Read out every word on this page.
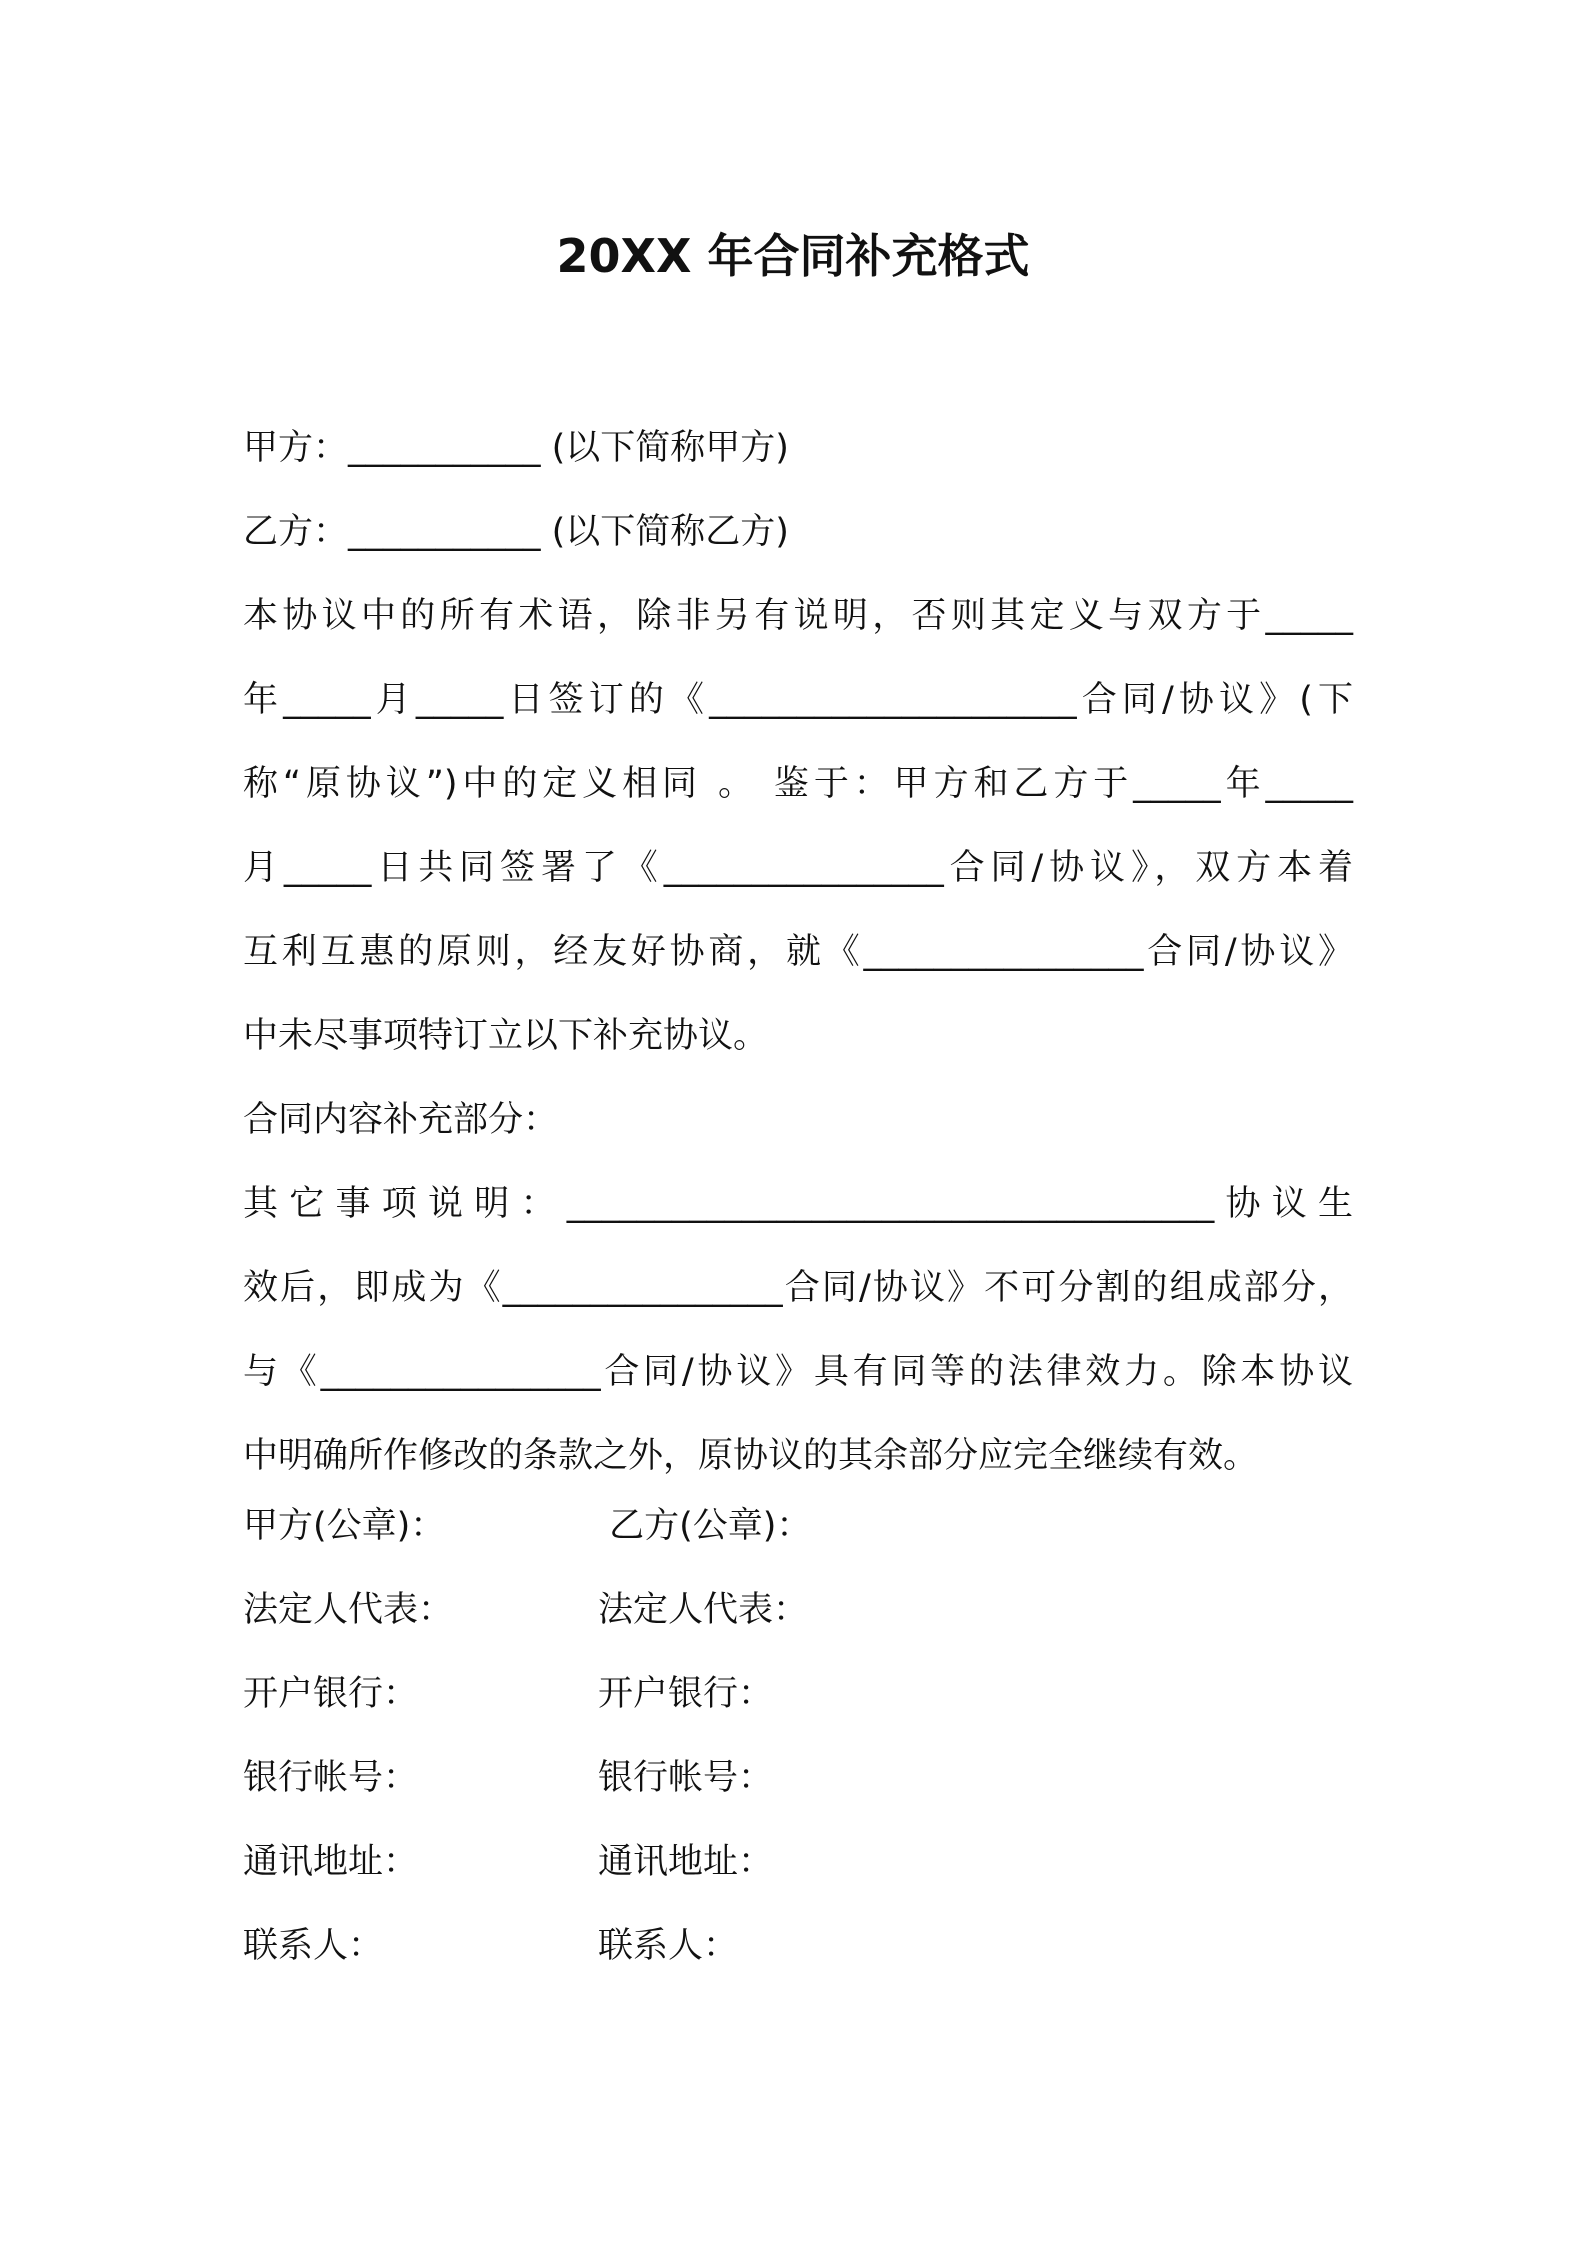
20XX 年合同补充格式

甲方：___________ (以下简称甲方)

乙方：___________ (以下简称乙方)

本协议中的所有术语，除非另有说明，否则其定义与双方于_____

年_____月_____日签订的《_____________________合同/协议》(下

称“原协议”)中的定义相同 。 鉴于：甲方和乙方于_____年_____

月_____日共同签署了《________________合同/协议》，双方本着

互利互惠的原则，经友好协商，就《________________合同/协议》

中未尽事项特订立以下补充协议。

合同内容补充部分：

其它事项说明：_____________________________________协议生

效后，即成为《________________合同/协议》不可分割的组成部分，

与《________________合同/协议》具有同等的法律效力。除本协议

中明确所作修改的条款之外，原协议的其余部分应完全继续有效。

甲方(公章)：	乙方(公章)：
法定人代表：	法定人代表：
开户银行：	开户银行：
银行帐号：	银行帐号：
通讯地址：	通讯地址：
联系人：	联系人：
